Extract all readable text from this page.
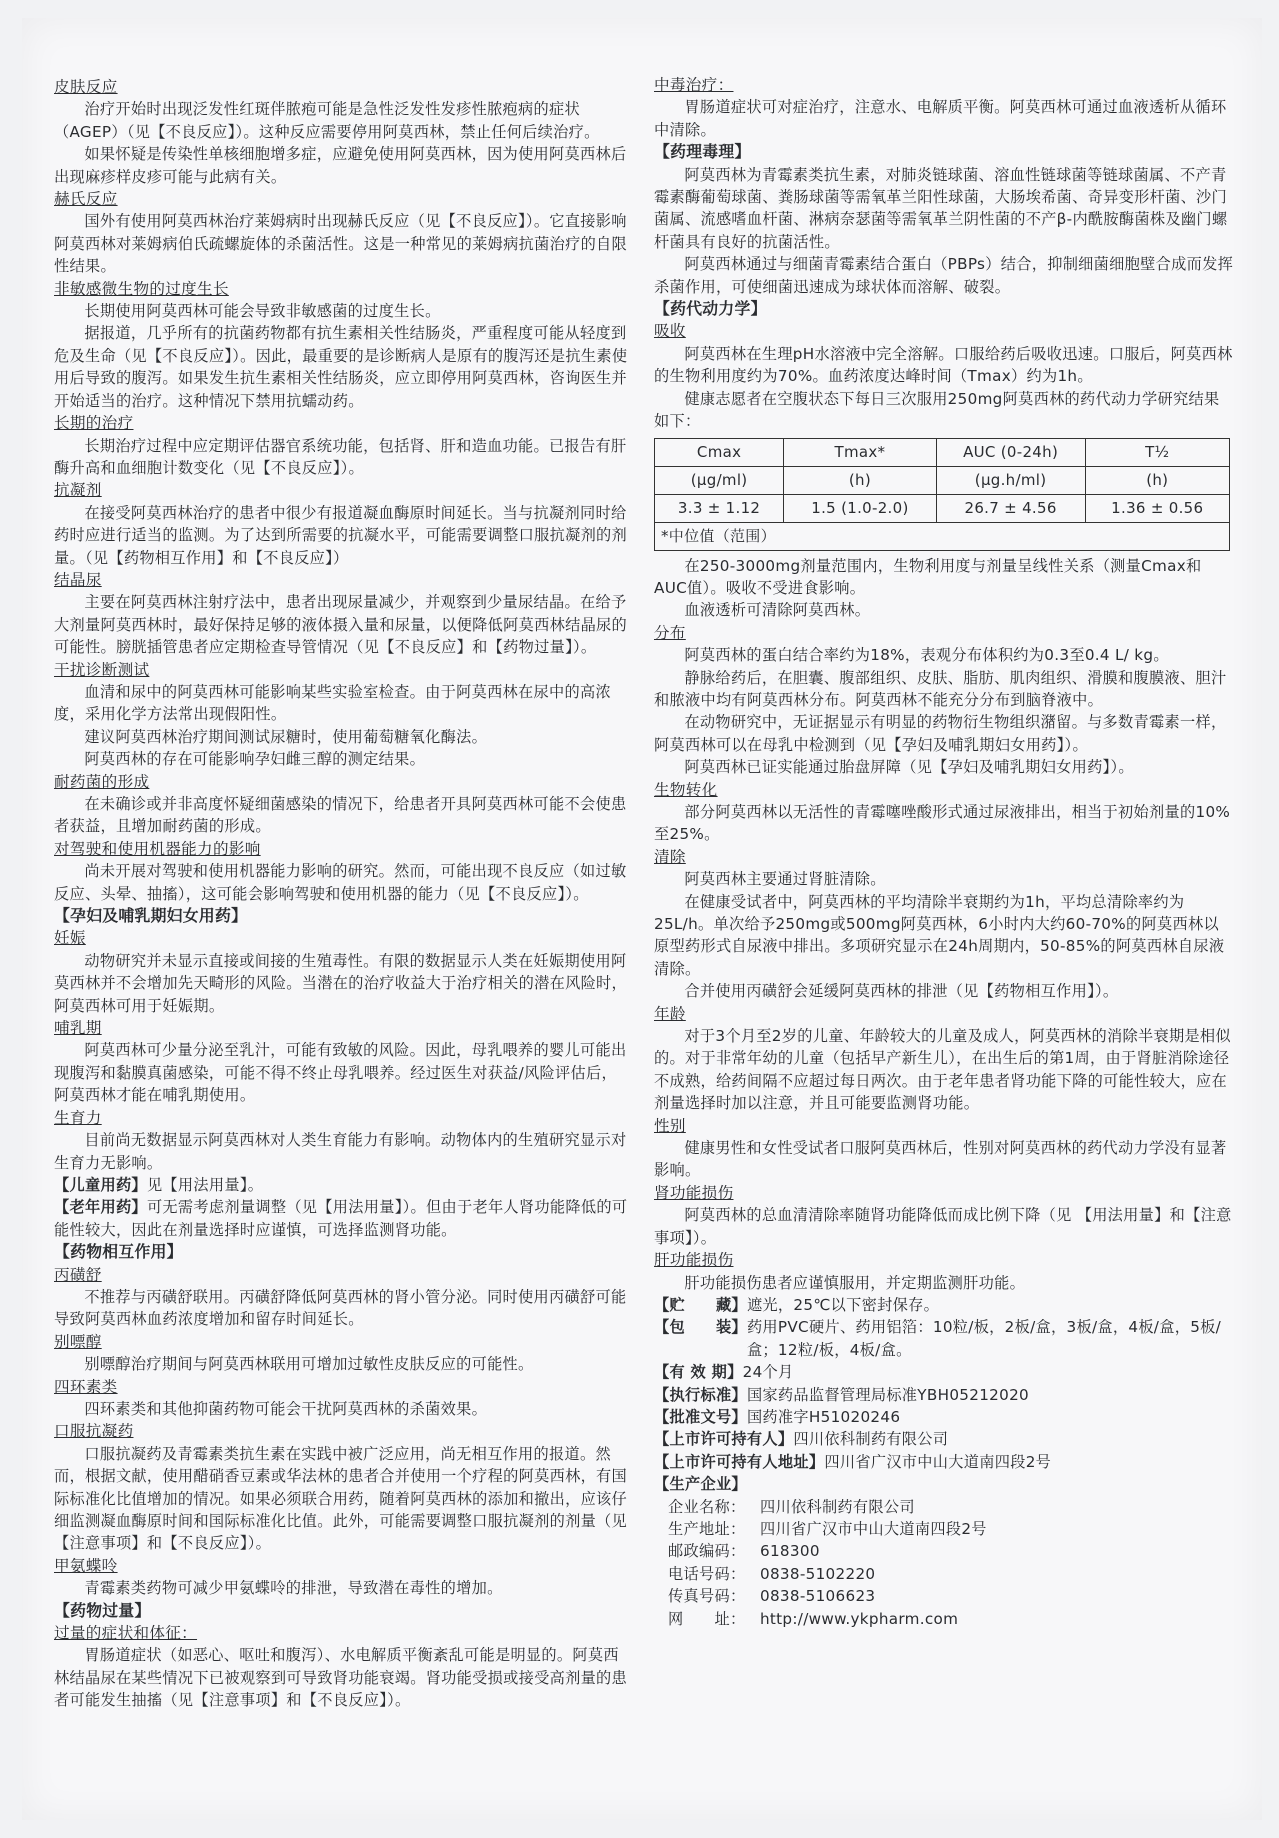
皮肤反应

治疗开始时出现泛发性红斑伴脓疱可能是急性泛发性发疹性脓疱病的症状（AGEP）（见【不良反应】）。这种反应需要停用阿莫西林，禁止任何后续治疗。

如果怀疑是传染性单核细胞增多症，应避免使用阿莫西林，因为使用阿莫西林后出现麻疹样皮疹可能与此病有关。

赫氏反应

国外有使用阿莫西林治疗莱姆病时出现赫氏反应（见【不良反应】）。它直接影响阿莫西林对莱姆病伯氏疏螺旋体的杀菌活性。这是一种常见的莱姆病抗菌治疗的自限性结果。

非敏感微生物的过度生长

长期使用阿莫西林可能会导致非敏感菌的过度生长。

据报道，几乎所有的抗菌药物都有抗生素相关性结肠炎，严重程度可能从轻度到危及生命（见【不良反应】）。因此，最重要的是诊断病人是原有的腹泻还是抗生素使用后导致的腹泻。如果发生抗生素相关性结肠炎，应立即停用阿莫西林，咨询医生并开始适当的治疗。这种情况下禁用抗蠕动药。

长期的治疗

长期治疗过程中应定期评估器官系统功能，包括肾、肝和造血功能。已报告有肝酶升高和血细胞计数变化（见【不良反应】）。

抗凝剂

在接受阿莫西林治疗的患者中很少有报道凝血酶原时间延长。当与抗凝剂同时给药时应进行适当的监测。为了达到所需要的抗凝水平，可能需要调整口服抗凝剂的剂量。（见【药物相互作用】和【不良反应】）

结晶尿

主要在阿莫西林注射疗法中，患者出现尿量减少，并观察到少量尿结晶。在给予大剂量阿莫西林时，最好保持足够的液体摄入量和尿量，以便降低阿莫西林结晶尿的可能性。膀胱插管患者应定期检查导管情况（见【不良反应】和【药物过量】）。

干扰诊断测试

血清和尿中的阿莫西林可能影响某些实验室检查。由于阿莫西林在尿中的高浓度，采用化学方法常出现假阳性。

建议阿莫西林治疗期间测试尿糖时，使用葡萄糖氧化酶法。

阿莫西林的存在可能影响孕妇雌三醇的测定结果。

耐药菌的形成

在未确诊或并非高度怀疑细菌感染的情况下，给患者开具阿莫西林可能不会使患者获益，且增加耐药菌的形成。

对驾驶和使用机器能力的影响

尚未开展对驾驶和使用机器能力影响的研究。然而，可能出现不良反应（如过敏反应、头晕、抽搐），这可能会影响驾驶和使用机器的能力（见【不良反应】）。

【孕妇及哺乳期妇女用药】

妊娠

动物研究并未显示直接或间接的生殖毒性。有限的数据显示人类在妊娠期使用阿莫西林并不会增加先天畸形的风险。当潜在的治疗收益大于治疗相关的潜在风险时，阿莫西林可用于妊娠期。

哺乳期

阿莫西林可少量分泌至乳汁，可能有致敏的风险。因此，母乳喂养的婴儿可能出现腹泻和黏膜真菌感染，可能不得不终止母乳喂养。经过医生对获益/风险评估后，阿莫西林才能在哺乳期使用。

生育力

目前尚无数据显示阿莫西林对人类生育能力有影响。动物体内的生殖研究显示对生育力无影响。

【儿童用药】见【用法用量】。

【老年用药】可无需考虑剂量调整（见【用法用量】）。但由于老年人肾功能降低的可能性较大，因此在剂量选择时应谨慎，可选择监测肾功能。

【药物相互作用】

丙磺舒

不推荐与丙磺舒联用。丙磺舒降低阿莫西林的肾小管分泌。同时使用丙磺舒可能导致阿莫西林血药浓度增加和留存时间延长。

别嘌醇

别嘌醇治疗期间与阿莫西林联用可增加过敏性皮肤反应的可能性。

四环素类

四环素类和其他抑菌药物可能会干扰阿莫西林的杀菌效果。

口服抗凝药

口服抗凝药及青霉素类抗生素在实践中被广泛应用，尚无相互作用的报道。然而，根据文献，使用醋硝香豆素或华法林的患者合并使用一个疗程的阿莫西林，有国际标准化比值增加的情况。如果必须联合用药，随着阿莫西林的添加和撤出，应该仔细监测凝血酶原时间和国际标准化比值。此外，可能需要调整口服抗凝剂的剂量（见【注意事项】和【不良反应】）。

甲氨蝶呤

青霉素类药物可减少甲氨蝶呤的排泄，导致潜在毒性的增加。

【药物过量】

过量的症状和体征：

胃肠道症状（如恶心、呕吐和腹泻）、水电解质平衡紊乱可能是明显的。阿莫西林结晶尿在某些情况下已被观察到可导致肾功能衰竭。肾功能受损或接受高剂量的患者可能发生抽搐（见【注意事项】和【不良反应】）。

中毒治疗：

胃肠道症状可对症治疗，注意水、电解质平衡。阿莫西林可通过血液透析从循环中清除。

【药理毒理】

阿莫西林为青霉素类抗生素，对肺炎链球菌、溶血性链球菌等链球菌属、不产青霉素酶葡萄球菌、粪肠球菌等需氧革兰阳性球菌，大肠埃希菌、奇异变形杆菌、沙门菌属、流感嗜血杆菌、淋病奈瑟菌等需氧革兰阴性菌的不产β-内酰胺酶菌株及幽门螺杆菌具有良好的抗菌活性。

阿莫西林通过与细菌青霉素结合蛋白（PBPs）结合，抑制细菌细胞壁合成而发挥杀菌作用，可使细菌迅速成为球状体而溶解、破裂。

【药代动力学】

吸收

阿莫西林在生理pH水溶液中完全溶解。口服给药后吸收迅速。口服后，阿莫西林的生物利用度约为70%。血药浓度达峰时间（Tmax）约为1h。

健康志愿者在空腹状态下每日三次服用250mg阿莫西林的药代动力学研究结果如下：

Cmax	Tmax*	AUC (0-24h)	T½
(μg/ml)	(h)	(μg.h/ml)	(h)
3.3 ± 1.12	1.5 (1.0-2.0)	26.7 ± 4.56	1.36 ± 0.56
*中位值（范围）			

在250-3000mg剂量范围内，生物利用度与剂量呈线性关系（测量Cmax和AUC值）。吸收不受进食影响。

血液透析可清除阿莫西林。

分布

阿莫西林的蛋白结合率约为18%，表观分布体积约为0.3至0.4 L/ kg。

静脉给药后，在胆囊、腹部组织、皮肤、脂肪、肌肉组织、滑膜和腹膜液、胆汁和脓液中均有阿莫西林分布。阿莫西林不能充分分布到脑脊液中。

在动物研究中，无证据显示有明显的药物衍生物组织潴留。与多数青霉素一样，阿莫西林可以在母乳中检测到（见【孕妇及哺乳期妇女用药】）。

阿莫西林已证实能通过胎盘屏障（见【孕妇及哺乳期妇女用药】）。

生物转化

部分阿莫西林以无活性的青霉噻唑酸形式通过尿液排出，相当于初始剂量的10%至25%。

清除

阿莫西林主要通过肾脏清除。

在健康受试者中，阿莫西林的平均清除半衰期约为1h，平均总清除率约为25L/h。单次给予250mg或500mg阿莫西林，6小时内大约60-70%的阿莫西林以原型药形式自尿液中排出。多项研究显示在24h周期内，50-85%的阿莫西林自尿液清除。

合并使用丙磺舒会延缓阿莫西林的排泄（见【药物相互作用】）。

年龄

对于3个月至2岁的儿童、年龄较大的儿童及成人，阿莫西林的消除半衰期是相似的。对于非常年幼的儿童（包括早产新生儿），在出生后的第1周，由于肾脏消除途径不成熟，给药间隔不应超过每日两次。由于老年患者肾功能下降的可能性较大，应在剂量选择时加以注意，并且可能要监测肾功能。

性别

健康男性和女性受试者口服阿莫西林后，性别对阿莫西林的药代动力学没有显著影响。

肾功能损伤

阿莫西林的总血清清除率随肾功能降低而成比例下降（见 【用法用量】和【注意事项】）。

肝功能损伤

肝功能损伤患者应谨慎服用，并定期监测肝功能。

【贮　　藏】 遮光，25℃以下密封保存。
【包　　装】 药用PVC硬片、药用铝箔：10粒/板，2板/盒，3板/盒，4板/盒，5板/盒；12粒/板，4板/盒。
【有 效 期】 24个月
【执行标准】 国家药品监督管理局标准YBH05212020
【批准文号】 国药准字H51020246
【上市许可持有人】 四川依科制药有限公司
【上市许可持有人地址】 四川省广汉市中山大道南四段2号
【生产企业】
企业名称： 四川依科制药有限公司
生产地址： 四川省广汉市中山大道南四段2号
邮政编码： 618300
电话号码： 0838-5102220
传真号码： 0838-5106623
网　　址： http://www.ykpharm.com
